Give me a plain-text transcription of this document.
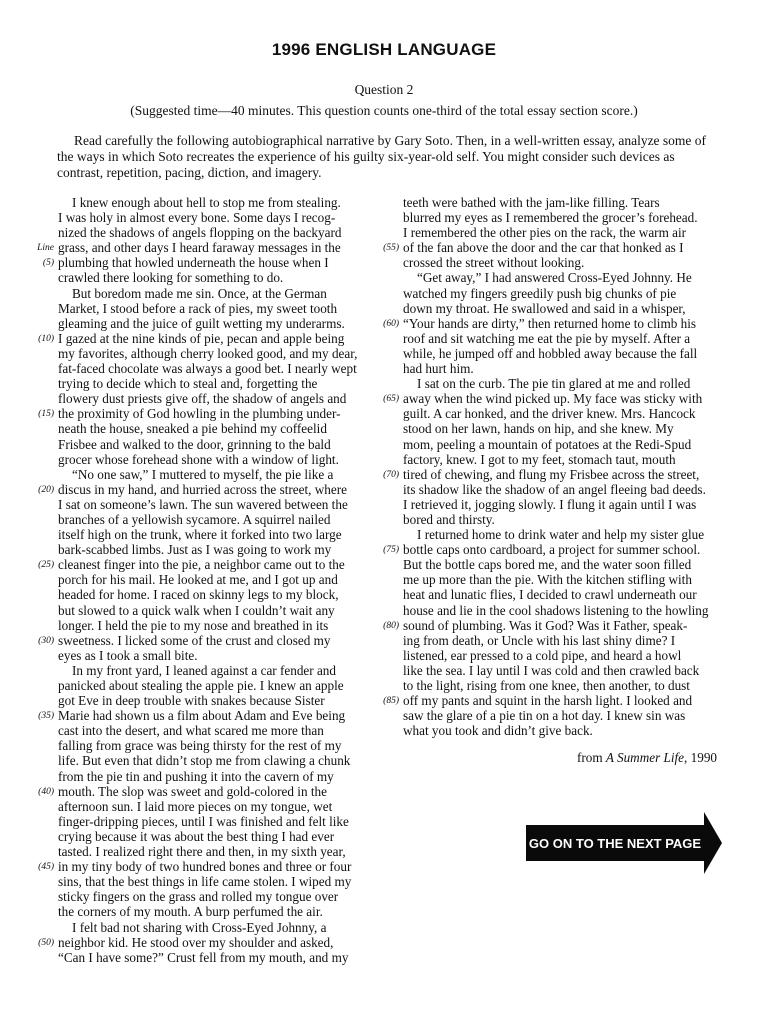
1996 ENGLISH LANGUAGE
Question 2
(Suggested time—40 minutes. This question counts one-third of the total essay section score.)
Read carefully the following autobiographical narrative by Gary Soto. Then, in a well-written essay, analyze some of the ways in which Soto recreates the experience of his guilty six-year-old self. You might consider such devices as contrast, repetition, pacing, diction, and imagery.
I knew enough about hell to stop me from stealing.
I was holy in almost every bone. Some days I recog-
nized the shadows of angels flopping on the backyard
Line grass, and other days I heard faraway messages in the
(5) plumbing that howled underneath the house when I
crawled there looking for something to do.
But boredom made me sin. Once, at the German
Market, I stood before a rack of pies, my sweet tooth
gleaming and the juice of guilt wetting my underarms.
(10) I gazed at the nine kinds of pie, pecan and apple being
my favorites, although cherry looked good, and my dear,
fat-faced chocolate was always a good bet. I nearly wept
trying to decide which to steal and, forgetting the
flowery dust priests give off, the shadow of angels and
(15) the proximity of God howling in the plumbing under-
neath the house, sneaked a pie behind my coffeelid
Frisbee and walked to the door, grinning to the bald
grocer whose forehead shone with a window of light.
“No one saw,” I muttered to myself, the pie like a
(20) discus in my hand, and hurried across the street, where
I sat on someone’s lawn. The sun wavered between the
branches of a yellowish sycamore. A squirrel nailed
itself high on the trunk, where it forked into two large
bark-scabbed limbs. Just as I was going to work my
(25) cleanest finger into the pie, a neighbor came out to the
porch for his mail. He looked at me, and I got up and
headed for home. I raced on skinny legs to my block,
but slowed to a quick walk when I couldn’t wait any
longer. I held the pie to my nose and breathed in its
(30) sweetness. I licked some of the crust and closed my
eyes as I took a small bite.
In my front yard, I leaned against a car fender and
panicked about stealing the apple pie. I knew an apple
got Eve in deep trouble with snakes because Sister
(35) Marie had shown us a film about Adam and Eve being
cast into the desert, and what scared me more than
falling from grace was being thirsty for the rest of my
life. But even that didn’t stop me from clawing a chunk
from the pie tin and pushing it into the cavern of my
(40) mouth. The slop was sweet and gold-colored in the
afternoon sun. I laid more pieces on my tongue, wet
finger-dripping pieces, until I was finished and felt like
crying because it was about the best thing I had ever
tasted. I realized right there and then, in my sixth year,
(45) in my tiny body of two hundred bones and three or four
sins, that the best things in life came stolen. I wiped my
sticky fingers on the grass and rolled my tongue over
the corners of my mouth. A burp perfumed the air.
I felt bad not sharing with Cross-Eyed Johnny, a
(50) neighbor kid. He stood over my shoulder and asked,
“Can I have some?” Crust fell from my mouth, and my
teeth were bathed with the jam-like filling. Tears
blurred my eyes as I remembered the grocer’s forehead.
I remembered the other pies on the rack, the warm air
(55) of the fan above the door and the car that honked as I
crossed the street without looking.
“Get away,” I had answered Cross-Eyed Johnny. He
watched my fingers greedily push big chunks of pie
down my throat. He swallowed and said in a whisper,
(60) “Your hands are dirty,” then returned home to climb his
roof and sit watching me eat the pie by myself. After a
while, he jumped off and hobbled away because the fall
had hurt him.
I sat on the curb. The pie tin glared at me and rolled
(65) away when the wind picked up. My face was sticky with
guilt. A car honked, and the driver knew. Mrs. Hancock
stood on her lawn, hands on hip, and she knew. My
mom, peeling a mountain of potatoes at the Redi-Spud
factory, knew. I got to my feet, stomach taut, mouth
(70) tired of chewing, and flung my Frisbee across the street,
its shadow like the shadow of an angel fleeing bad deeds.
I retrieved it, jogging slowly. I flung it again until I was
bored and thirsty.
I returned home to drink water and help my sister glue
(75) bottle caps onto cardboard, a project for summer school.
But the bottle caps bored me, and the water soon filled
me up more than the pie. With the kitchen stifling with
heat and lunatic flies, I decided to crawl underneath our
house and lie in the cool shadows listening to the howling
(80) sound of plumbing. Was it God? Was it Father, speak-
ing from death, or Uncle with his last shiny dime? I
listened, ear pressed to a cold pipe, and heard a howl
like the sea. I lay until I was cold and then crawled back
to the light, rising from one knee, then another, to dust
(85) off my pants and squint in the harsh light. I looked and
saw the glare of a pie tin on a hot day. I knew sin was
what you took and didn’t give back.
from A Summer Life, 1990
GO ON TO THE NEXT PAGE
